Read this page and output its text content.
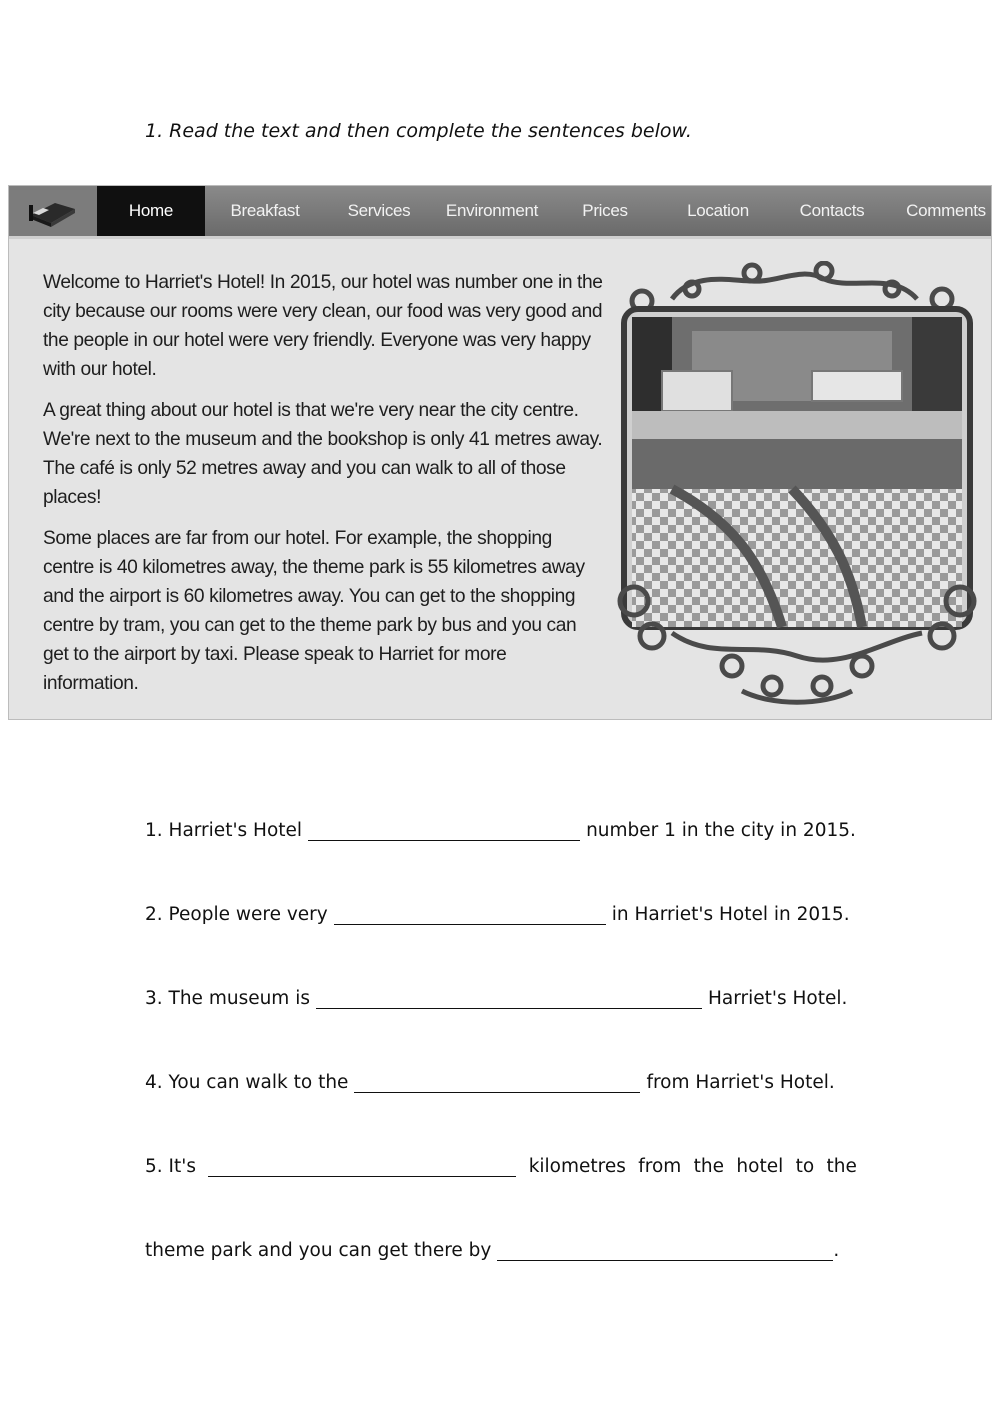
1. Read the text and then complete the sentences below.
Home	Breakfast	Services	Environment	Prices	Location	Contacts	Comments

Welcome to Harriet's Hotel! In 2015, our hotel was number one in the city because our rooms were very clean, our food was very good and the people in our hotel were very friendly. Everyone was very happy with our hotel.

A great thing about our hotel is that we're very near the city centre. We're next to the museum and the bookshop is only 41 metres away. The café is only 52 metres away and you can walk to all of those places!

Some places are far from our hotel. For example, the shopping centre is 40 kilometres away, the theme park is 55 kilometres away and the airport is 60 kilometres away. You can get to the shopping centre by tram, you can get to the theme park by bus and you can get to the airport by taxi. Please speak to Harriet for more information.

1. Harriet's Hotel	number 1 in the city in 2015.
2. People were very	in Harriet's Hotel in 2015.
3. The museum is	Harriet's Hotel.
4. You can walk to the	from Harriet's Hotel.
5. It's	kilometres from the hotel to the
theme park and you can get there by	.
